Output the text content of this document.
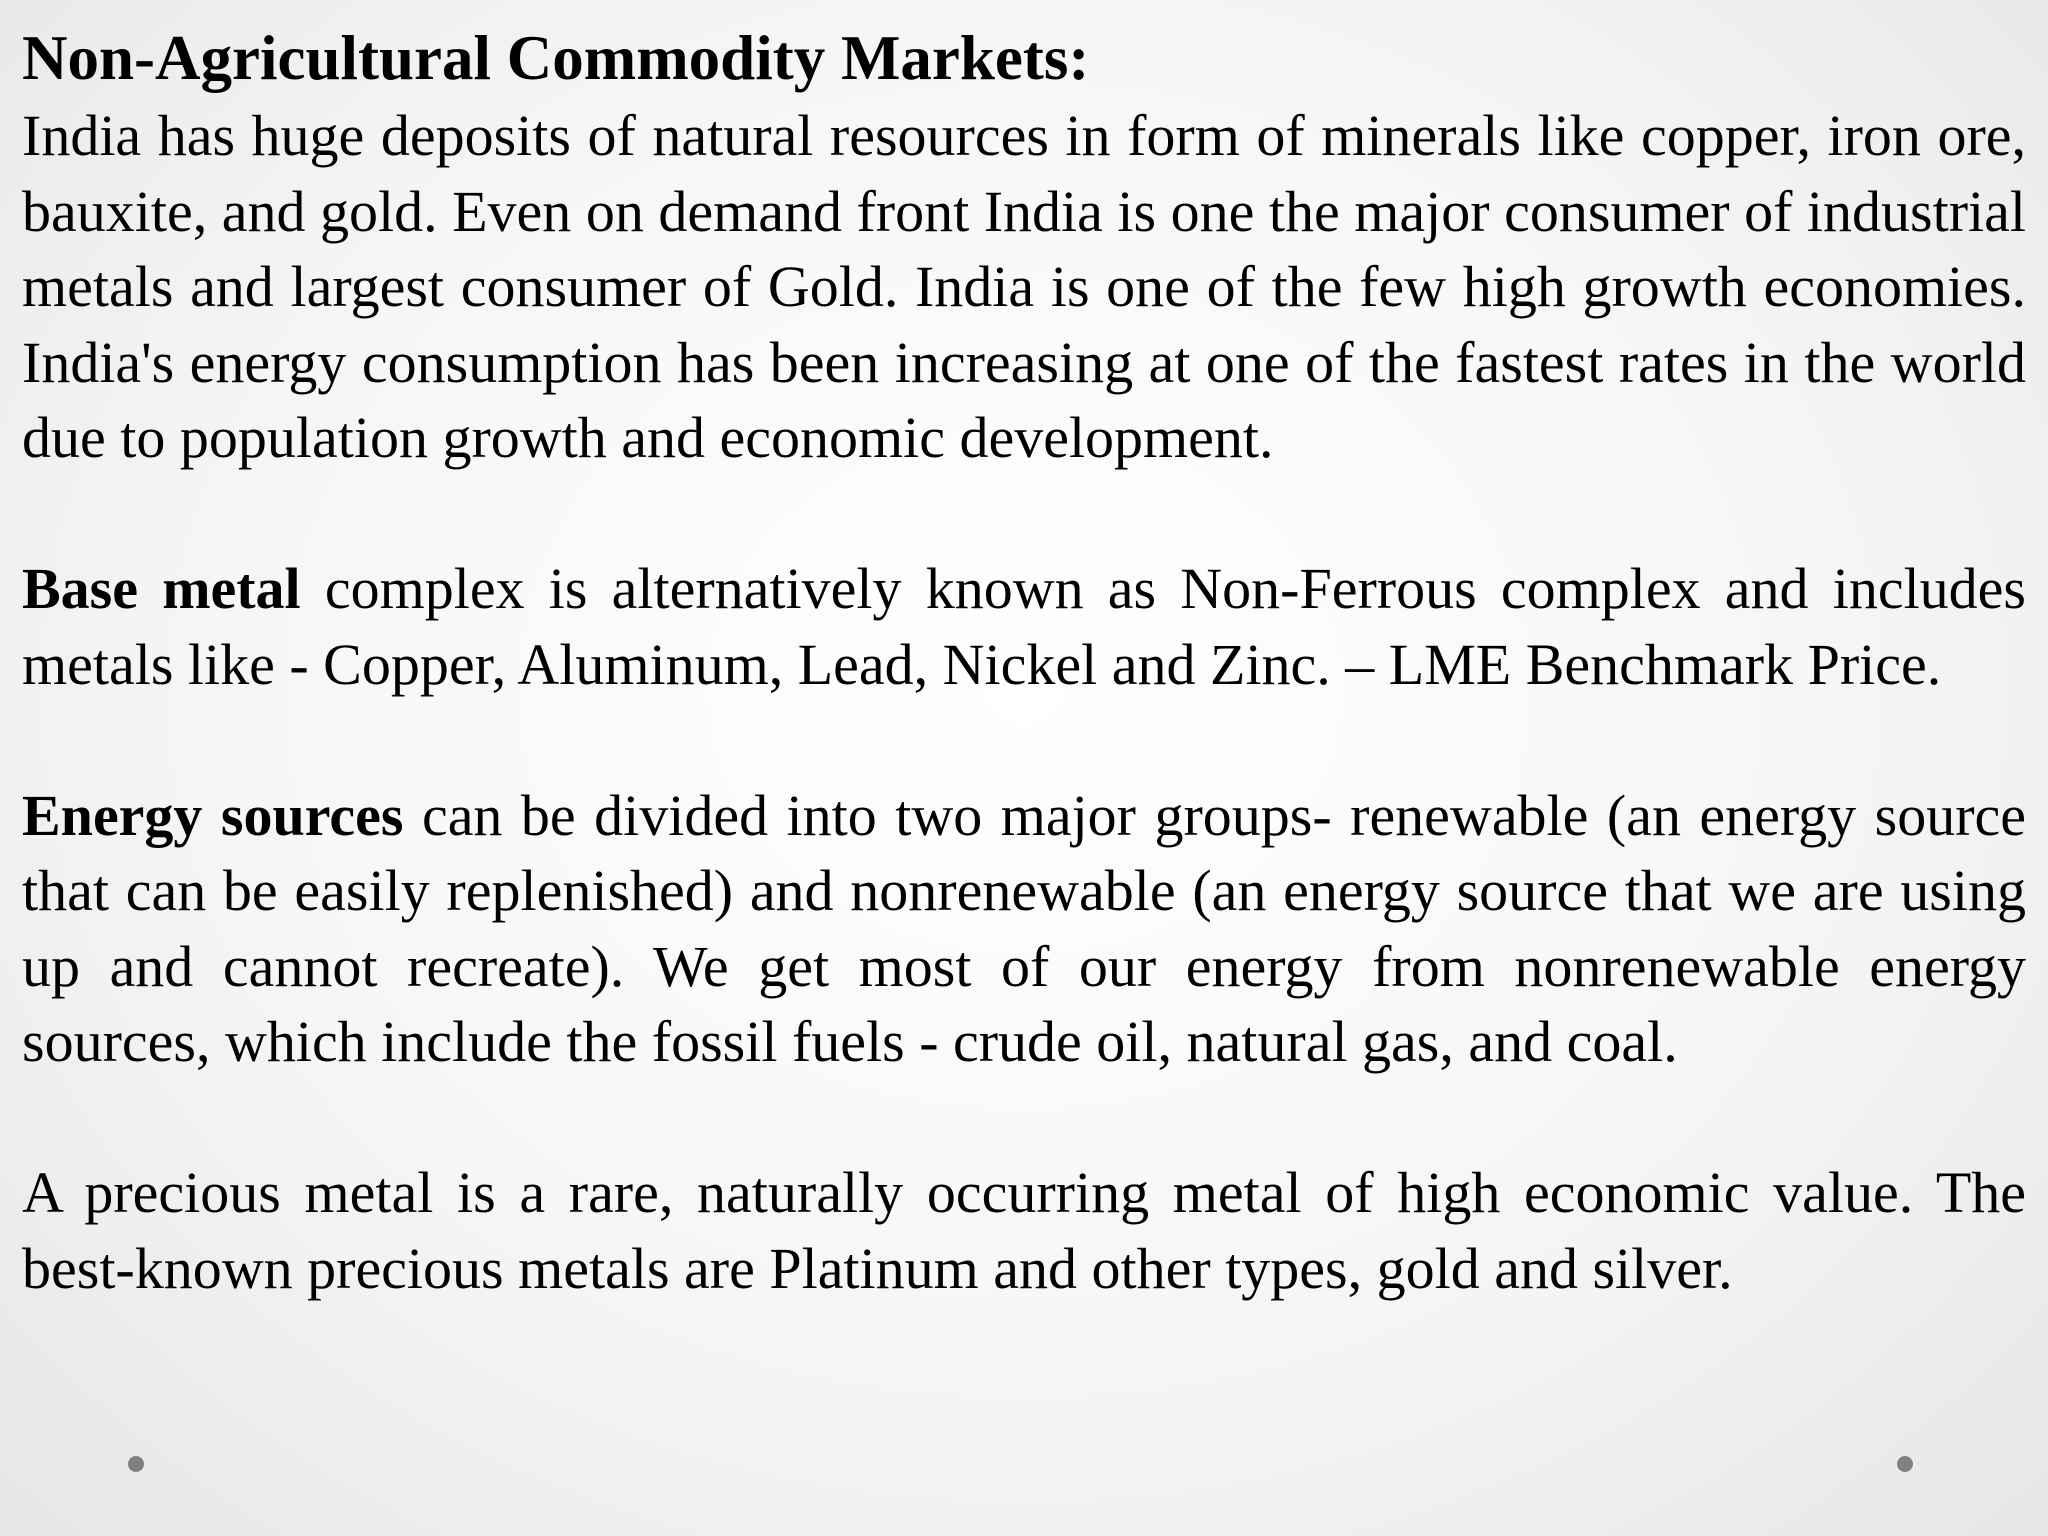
Non-Agricultural Commodity Markets:

India has huge deposits of natural resources in form of minerals like copper, iron ore, bauxite, and gold. Even on demand front India is one the major consumer of industrial metals and largest consumer of Gold. India is one of the few high growth economies. India's energy consumption has been increasing at one of the fastest rates in the world due to population growth and economic development.

Base metal complex is alternatively known as Non-Ferrous complex and includes metals like - Copper, Aluminum, Lead, Nickel and Zinc. – LME Benchmark Price.

Energy sources can be divided into two major groups- renewable (an energy source that can be easily replenished) and nonrenewable (an energy source that we are using up and cannot recreate). We get most of our energy from nonrenewable energy sources, which include the fossil fuels - crude oil, natural gas, and coal.

A precious metal is a rare, naturally occurring metal of high economic value. The best-known precious metals are Platinum and other types, gold and silver.
